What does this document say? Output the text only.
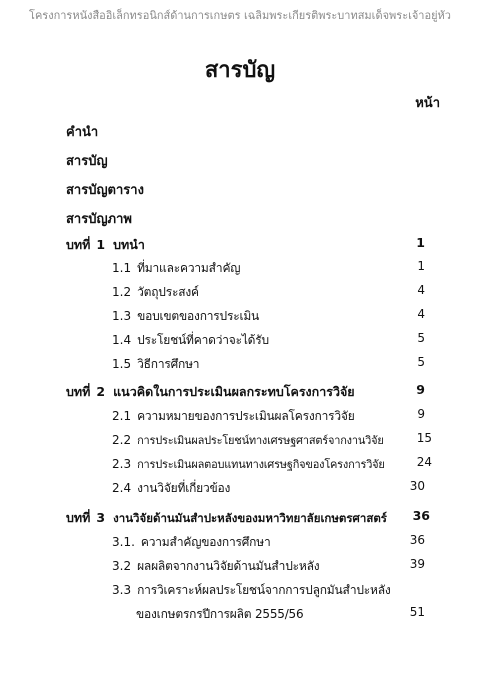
โครงการหนังสืออิเล็กทรอนิกส์ด้านการเกษตร เฉลิมพระเกียรติพระบาทสมเด็จพระเจ้าอยู่หัว
สารบัญ
หน้า
คำนำ
สารบัญ
สารบัญตาราง
สารบัญภาพ
บทที่ 1 บทนำ	1
1.1 ที่มาและความสำคัญ	1
1.2 วัตถุประสงค์	4
1.3 ขอบเขตของการประเมิน	4
1.4 ประโยชน์ที่คาดว่าจะได้รับ	5
1.5 วิธีการศึกษา	5
บทที่ 2 แนวคิดในการประเมินผลกระทบโครงการวิจัย	9
2.1 ความหมายของการประเมินผลโครงการวิจัย	9
2.2 การประเมินผลประโยชน์ทางเศรษฐศาสตร์จากงานวิจัย	15
2.3 การประเมินผลตอบแทนทางเศรษฐกิจของโครงการวิจัย	24
2.4 งานวิจัยที่เกี่ยวข้อง	30
บทที่ 3 งานวิจัยด้านมันสำปะหลังของมหาวิทยาลัยเกษตรศาสตร์ 36
3.1. ความสำคัญของการศึกษา	36
3.2 ผลผลิตจากงานวิจัยด้านมันสำปะหลัง	39
3.3 การวิเคราะห์ผลประโยชน์จากการปลูกมันสำปะหลัง
ของเกษตรกรปีการผลิต 2555/56	51
